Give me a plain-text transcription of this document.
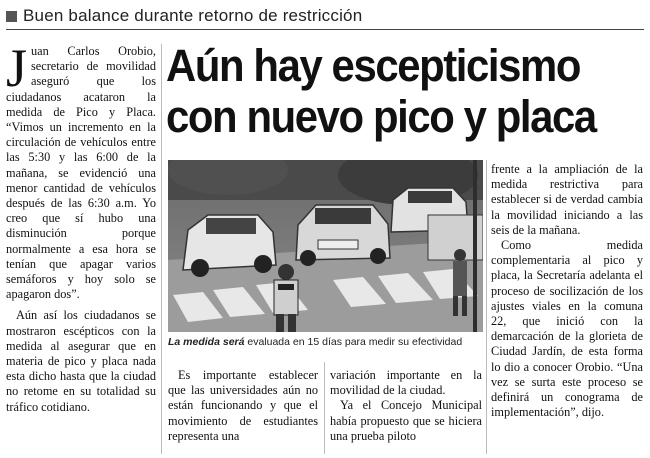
Buen balance durante retorno de restricción

Juan Carlos Orobio, secretario de movilidad aseguró que los ciudadanos acataron la medida de Pico y Placa. “Vimos un incremento en la circulación de vehículos entre las 5:30 y las 6:00 de la mañana, se evidenció una menor cantidad de vehículos después de las 6:30 a.m. Yo creo que sí hubo una disminución porque normalmente a esa hora se tenían que apagar varios semáforos y hoy solo se apagaron dos”.

Aún así los ciudadanos se mostraron escépticos con la medida al asegurar que en materia de pico y placa nada esta dicho hasta que la ciudad no retome en su totalidad su tráfico cotidiano.

Aún hay escepticismo
con nuevo pico y placa
La medida será evaluada en 15 días para medir su efectividad

Es importante establecer que las universidades aún no están funcionando y que el movimiento de estudiantes representa una

variación importante en la movilidad de la ciudad.

Ya el Concejo Municipal había propuesto que se hiciera una prueba piloto

frente a la ampliación de la medida restrictiva para establecer si de verdad cambia la movilidad iniciando a las seis de la mañana.

Como medida complementaria al pico y placa, la Secretaría adelanta el proceso de socilización de los ajustes viales en la comuna 22, que inició con la demarcación de la glorieta de Ciudad Jardín, de esta forma lo dio a conocer Orobio. “Una vez se surta este proceso se definirá un conograma de implementación”, dijo.
